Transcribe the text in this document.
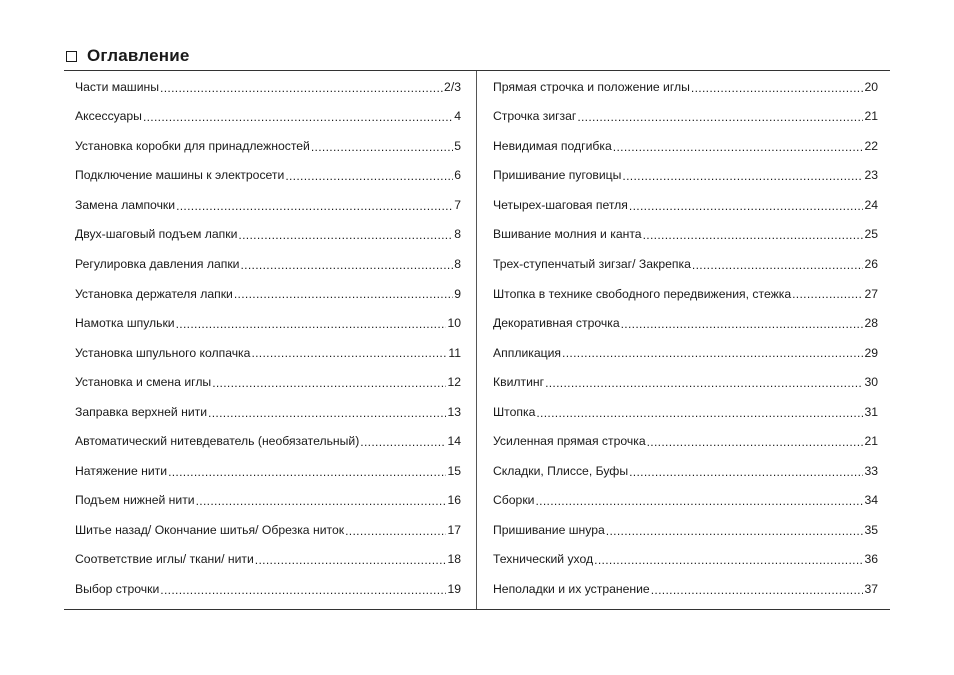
Оглавление
Части машины .....	2/3
Аксессуары .....	4
Установка коробки для принадлежностей .....	5
Подключение машины к электросети .....	6
Замена лампочки .....	7
Двух-шаговый подъем лапки .....	8
Регулировка давления лапки .....	8
Установка держателя лапки .....	9
Намотка шпульки .....	10
Установка шпульного колпачка .....	11
Установка и смена иглы .....	12
Заправка верхней нити .....	13
Автоматический нитевдеватель (необязательный) .....	14
Натяжение нити .....	15
Подъем нижней нити .....	16
Шитье назад/ Окончание шитья/ Обрезка ниток .....	17
Соответствие иглы/ ткани/ нити .....	18
Выбор строчки .....	19
Прямая строчка и положение иглы .....	20
Строчка зигзаг .....	21
Невидимая подгибка .....	22
Пришивание пуговицы .....	23
Четырех-шаговая петля .....	24
Вшивание молния и канта .....	25
Трех-ступенчатый зигзаг/ Закрепка .....	26
Штопка в технике свободного передвижения, стежка .....	27
Декоративная строчка .....	28
Аппликация .....	29
Квилтинг .....	30
Штопка .....	31
Усиленная прямая строчка .....	21
Складки, Плиссе, Буфы .....	33
Сборки .....	34
Пришивание шнура .....	35
Технический уход .....	36
Неполадки и их устранение .....	37
